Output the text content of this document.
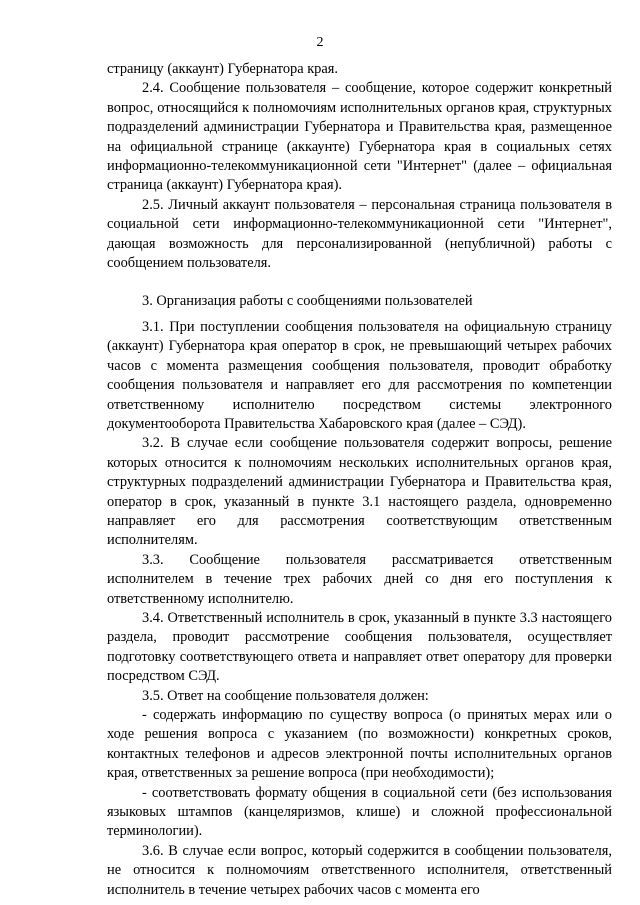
2

страницу (аккаунт) Губернатора края.

2.4. Сообщение пользователя – сообщение, которое содержит конкретный вопрос, относящийся к полномочиям исполнительных органов края, структурных подразделений администрации Губернатора и Правительства края, размещенное на официальной странице (аккаунте) Губернатора края в социальных сетях информационно-телекоммуникационной сети "Интернет" (далее – официальная страница (аккаунт) Губернатора края).

2.5. Личный аккаунт пользователя – персональная страница пользователя в социальной сети информационно-телекоммуникационной сети "Интернет", дающая возможность для персонализированной (непубличной) работы с сообщением пользователя.

3. Организация работы с сообщениями пользователей

3.1. При поступлении сообщения пользователя на официальную страницу (аккаунт) Губернатора края оператор в срок, не превышающий четырех рабочих часов с момента размещения сообщения пользователя, проводит обработку сообщения пользователя и направляет его для рассмотрения по компетенции ответственному исполнителю посредством системы электронного документооборота Правительства Хабаровского края (далее – СЭД).

3.2. В случае если сообщение пользователя содержит вопросы, решение которых относится к полномочиям нескольких исполнительных органов края, структурных подразделений администрации Губернатора и Правительства края, оператор в срок, указанный в пункте 3.1 настоящего раздела, одновременно направляет его для рассмотрения соответствующим ответственным исполнителям.

3.3. Сообщение пользователя рассматривается ответственным исполнителем в течение трех рабочих дней со дня его поступления к ответственному исполнителю.

3.4. Ответственный исполнитель в срок, указанный в пункте 3.3 настоящего раздела, проводит рассмотрение сообщения пользователя, осуществляет подготовку соответствующего ответа и направляет ответ оператору для проверки посредством СЭД.

3.5. Ответ на сообщение пользователя должен:

- содержать информацию по существу вопроса (о принятых мерах или о ходе решения вопроса с указанием (по возможности) конкретных сроков, контактных телефонов и адресов электронной почты исполнительных органов края, ответственных за решение вопроса (при необходимости);

- соответствовать формату общения в социальной сети (без использования языковых штампов (канцеляризмов, клише) и сложной профессиональной терминологии).

3.6. В случае если вопрос, который содержится в сообщении пользователя, не относится к полномочиям ответственного исполнителя, ответственный исполнитель в течение четырех рабочих часов с момента его
